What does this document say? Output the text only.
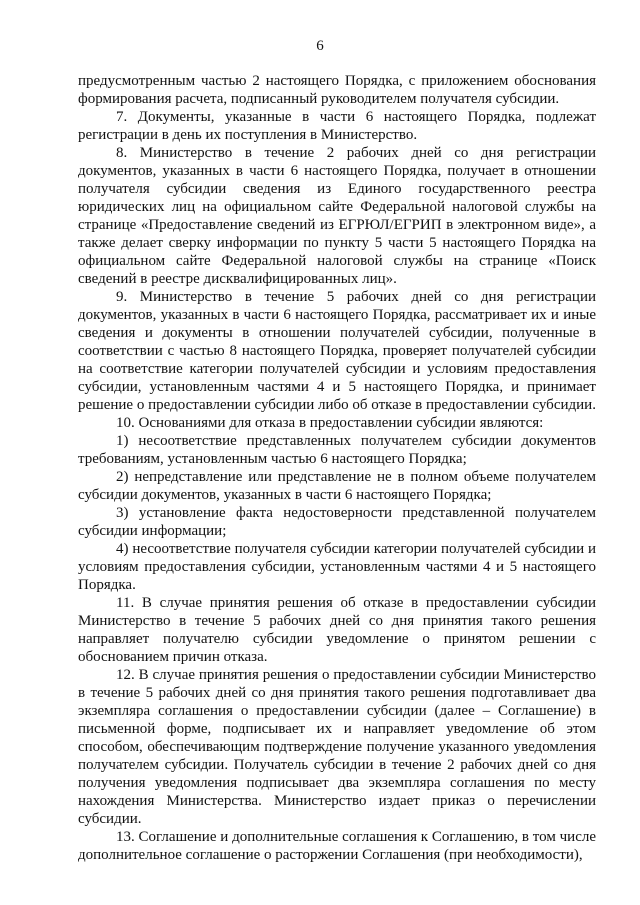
6

предусмотренным частью 2 настоящего Порядка, с приложением обоснования формирования расчета, подписанный руководителем получателя субсидии.

7. Документы, указанные в части 6 настоящего Порядка, подлежат регистрации в день их поступления в Министерство.

8. Министерство в течение 2 рабочих дней со дня регистрации документов, указанных в части 6 настоящего Порядка, получает в отношении получателя субсидии сведения из Единого государственного реестра юридических лиц на официальном сайте Федеральной налоговой службы на странице «Предоставление сведений из ЕГРЮЛ/ЕГРИП в электронном виде», а также делает сверку информации по пункту 5 части 5 настоящего Порядка на официальном сайте Федеральной налоговой службы на странице «Поиск сведений в реестре дисквалифицированных лиц».

9. Министерство в течение 5 рабочих дней со дня регистрации документов, указанных в части 6 настоящего Порядка, рассматривает их и иные сведения и документы в отношении получателей субсидии, полученные в соответствии с частью 8 настоящего Порядка, проверяет получателей субсидии на соответствие категории получателей субсидии и условиям предоставления субсидии, установленным частями 4 и 5 настоящего Порядка, и принимает решение о предоставлении субсидии либо об отказе в предоставлении субсидии.

10. Основаниями для отказа в предоставлении субсидии являются:

1) несоответствие представленных получателем субсидии документов требованиям, установленным частью 6 настоящего Порядка;

2) непредставление или представление не в полном объеме получателем субсидии документов, указанных в части 6 настоящего Порядка;

3) установление факта недостоверности представленной получателем субсидии информации;

4) несоответствие получателя субсидии категории получателей субсидии и условиям предоставления субсидии, установленным частями 4 и 5 настоящего Порядка.

11. В случае принятия решения об отказе в предоставлении субсидии Министерство в течение 5 рабочих дней со дня принятия такого решения направляет получателю субсидии уведомление о принятом решении с обоснованием причин отказа.

12. В случае принятия решения о предоставлении субсидии Министерство в течение 5 рабочих дней со дня принятия такого решения подготавливает два экземпляра соглашения о предоставлении субсидии (далее – Соглашение) в письменной форме, подписывает их и направляет уведомление об этом способом, обеспечивающим подтверждение получение указанного уведомления получателем субсидии. Получатель субсидии в течение 2 рабочих дней со дня получения уведомления подписывает два экземпляра соглашения по месту нахождения Министерства. Министерство издает приказ о перечислении субсидии.

13. Соглашение и дополнительные соглашения к Соглашению, в том числе дополнительное соглашение о расторжении Соглашения (при необходимости),
